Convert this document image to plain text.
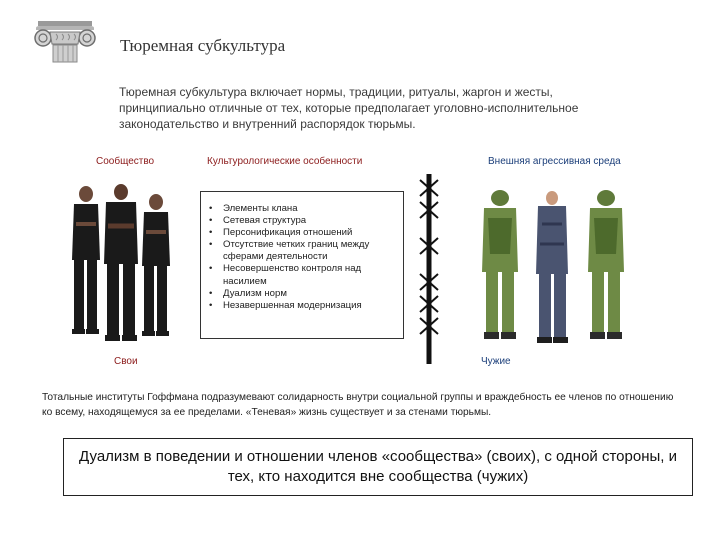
Тюремная субкультура
Тюремная субкультура включает нормы, традиции, ритуалы, жаргон и жесты, принципиально отличные от тех, которые предполагает уголовно-исполнительное законодательство и внутренний распорядок тюрьмы.
Сообщество	Культурологические особенности	Внешняя агрессивная среда
• Элементы клана
• Сетевая структура
• Персонификация отношений
• Отсутствие четких границ между сферами деятельности
• Несовершенство контроля над насилием
• Дуализм норм
• Незавершенная модернизация
Свои	Чужие
Тотальные институты Гоффмана подразумевают солидарность внутри социальной группы и враждебность ее членов по отношению ко всему, находящемуся за ее пределами. «Теневая» жизнь существует и за стенами тюрьмы.
Дуализм в поведении и отношении членов «сообщества» (своих), с одной стороны, и тех, кто находится вне сообщества (чужих)
